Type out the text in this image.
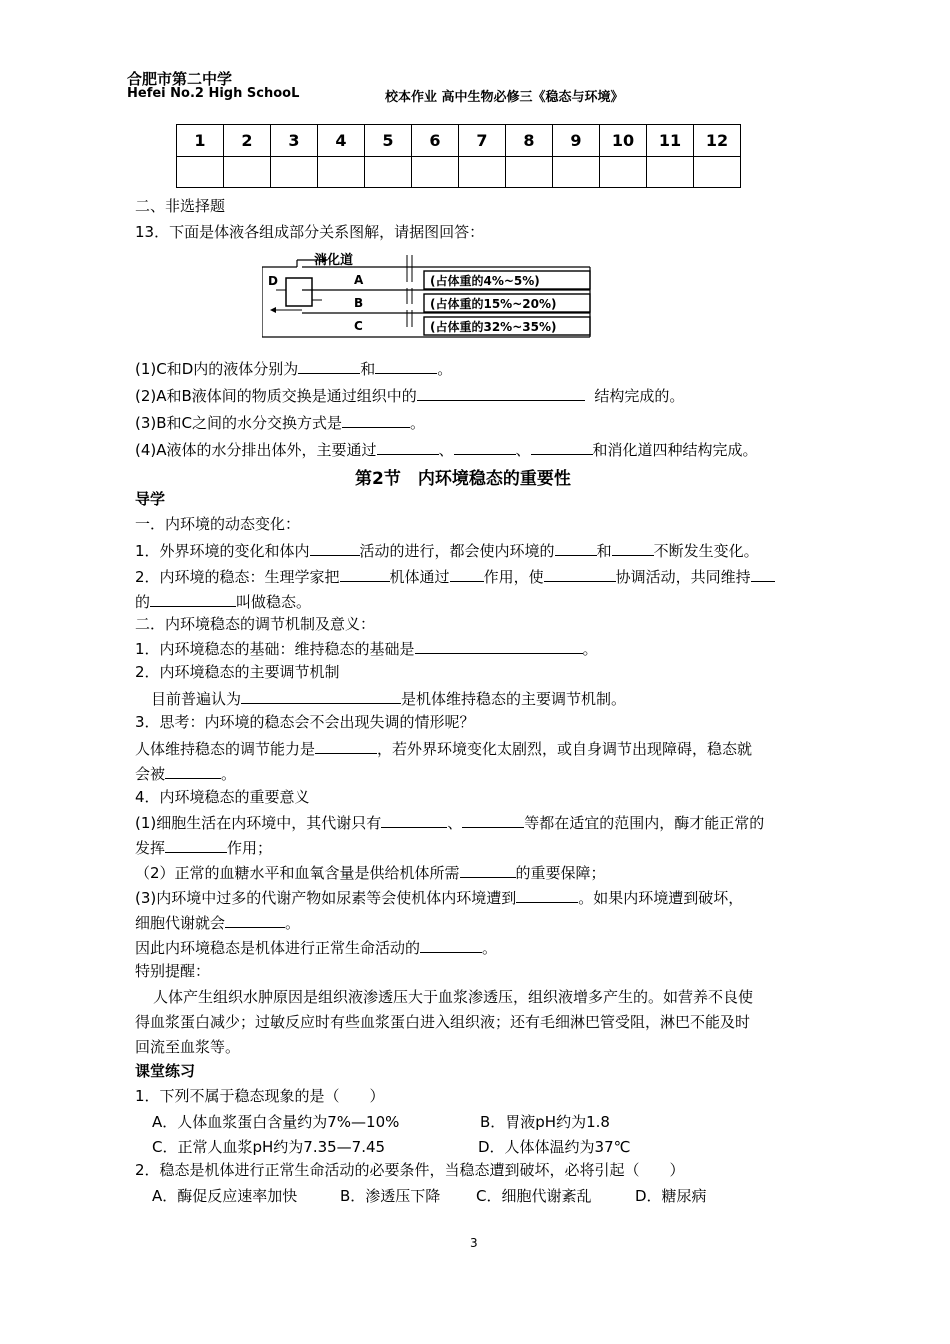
合肥市第二中学
Hefei No.2 High SchooL	校本作业 高中生物必修三《稳态与环境》
1	2	3	4	5	6	7	8	9	10	11	12

二、非选择题
13．下面是体液各组成部分关系图解，请据图回答：
消化道
D	A
B
C
(占体重的4%~5%)
(占体重的15%~20%)
(占体重的32%~35%)
(1)C和D内的液体分别为	和	。
(2)A和B液体间的物质交换是通过组织中的	结构完成的。
(3)B和C之间的水分交换方式是	。
(4)A液体的水分排出体外，主要通过	、	、	和消化道四种结构完成。
第2节　内环境稳态的重要性
导学
一．内环境的动态变化：
1．外界环境的变化和体内	活动的进行，都会使内环境的	和	不断发生变化。
2．内环境的稳态：生理学家把	机体通过 作用，使	协调活动，共同维持
的	叫做稳态。
二．内环境稳态的调节机制及意义：
1．内环境稳态的基础：维持稳态的基础是	。
2．内环境稳态的主要调节机制
目前普遍认为	是机体维持稳态的主要调节机制。
3．思考：内环境的稳态会不会出现失调的情形呢？
人体维持稳态的调节能力是	，若外界环境变化太剧烈，或自身调节出现障碍，稳态就
会被	。
4．内环境稳态的重要意义
(1)细胞生活在内环境中，其代谢只有	、	等都在适宜的范围内，酶才能正常的
发挥	作用；
（2）正常的血糖水平和血氧含量是供给机体所需	的重要保障；
(3)内环境中过多的代谢产物如尿素等会使机体内环境遭到	。如果内环境遭到破坏，
细胞代谢就会	。
因此内环境稳态是机体进行正常生命活动的	。
特别提醒：
人体产生组织水肿原因是组织液渗透压大于血浆渗透压，组织液增多产生的。如营养不良使
得血浆蛋白减少；过敏反应时有些血浆蛋白进入组织液；还有毛细淋巴管受阻，淋巴不能及时
回流至血浆等。
课堂练习
1．下列不属于稳态现象的是（　　）
A．人体血浆蛋白含量约为7%—10%	B．胃液pH约为1.8
C．正常人血浆pH约为7.35—7.45	D．人体体温约为37℃
2．稳态是机体进行正常生命活动的必要条件，当稳态遭到破坏，必将引起（　　）
A．酶促反应速率加快	B．渗透压下降 C．细胞代谢紊乱	D．糖尿病
3
